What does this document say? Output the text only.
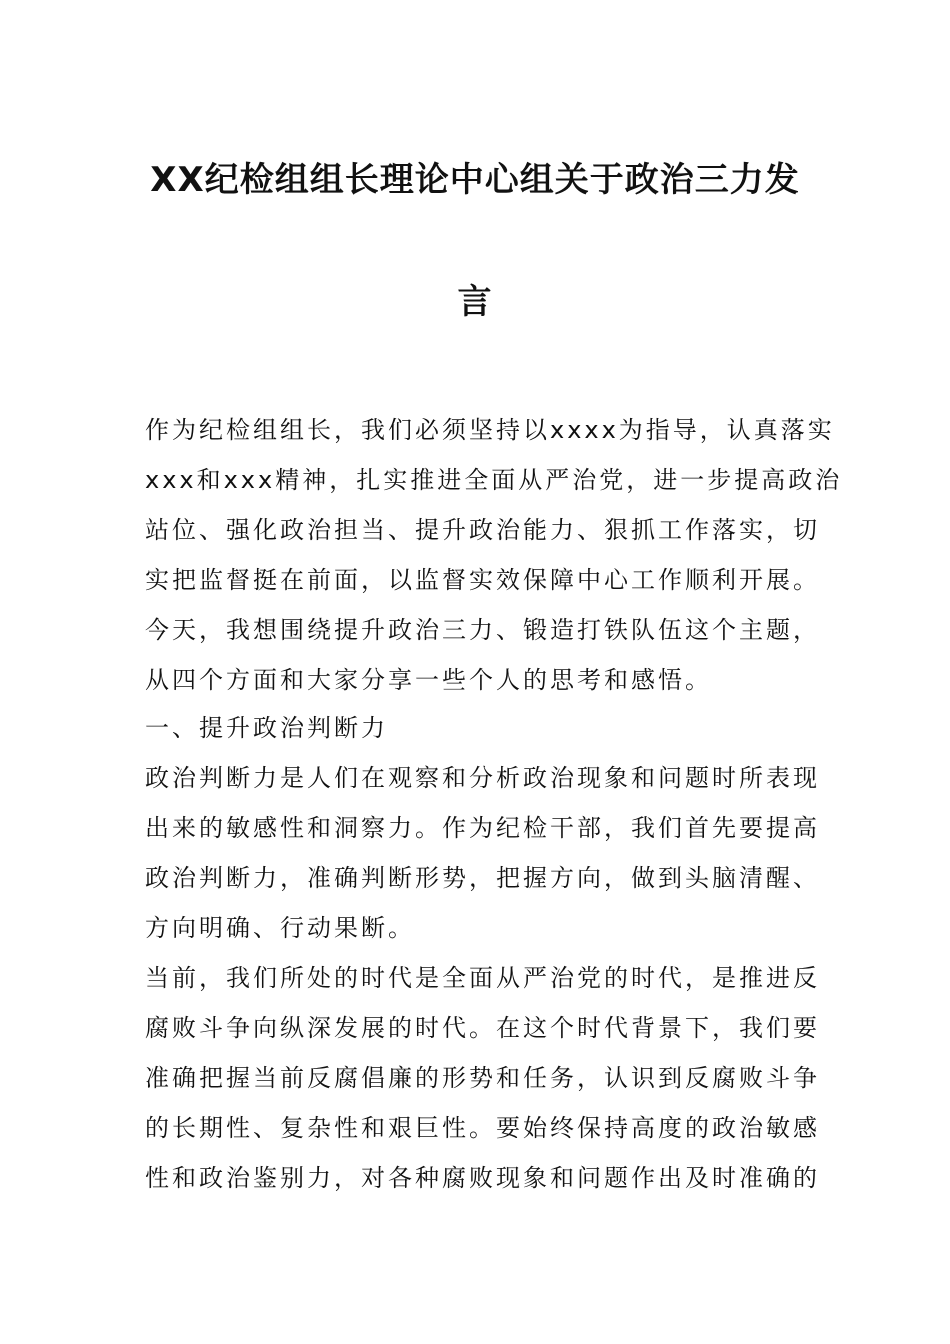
XX纪检组组长理论中心组关于政治三力发
言
作为纪检组组长，我们必须坚持以xxxx为指导，认真落实
xxx和xxx精神，扎实推进全面从严治党，进一步提高政治
站位、强化政治担当、提升政治能力、狠抓工作落实，切
实把监督挺在前面，以监督实效保障中心工作顺利开展。
今天，我想围绕提升政治三力、锻造打铁队伍这个主题，
从四个方面和大家分享一些个人的思考和感悟。
一、提升政治判断力
政治判断力是人们在观察和分析政治现象和问题时所表现
出来的敏感性和洞察力。作为纪检干部，我们首先要提高
政治判断力，准确判断形势，把握方向，做到头脑清醒、
方向明确、行动果断。
当前，我们所处的时代是全面从严治党的时代，是推进反
腐败斗争向纵深发展的时代。在这个时代背景下，我们要
准确把握当前反腐倡廉的形势和任务，认识到反腐败斗争
的长期性、复杂性和艰巨性。要始终保持高度的政治敏感
性和政治鉴别力，对各种腐败现象和问题作出及时准确的
